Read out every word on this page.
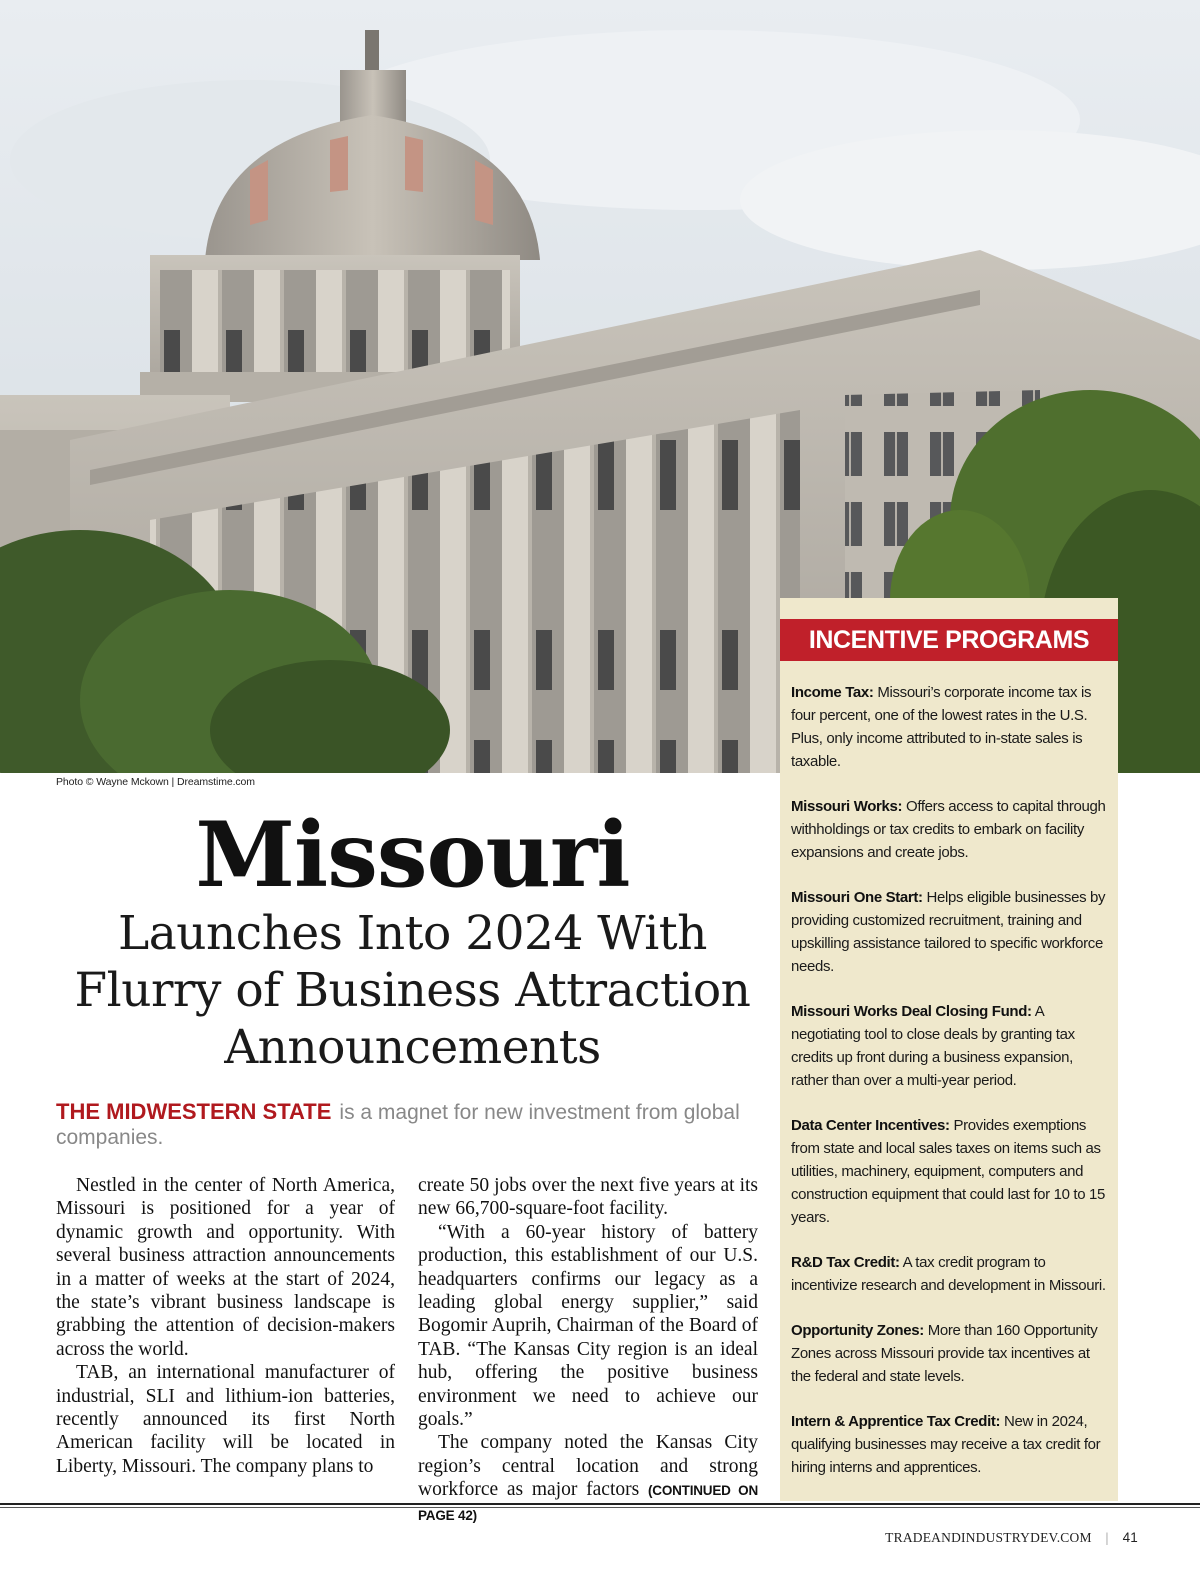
Photo © Wayne Mckown | Dreamstime.com
Missouri
Launches Into 2024 With
Flurry of Business Attraction
Announcements
THE MIDWESTERN STATE is a magnet for new investment from global companies.

Nestled in the center of North America, Missouri is positioned for a year of dynamic growth and opportunity. With several business attraction announcements in a matter of weeks at the start of 2024, the state’s vibrant business landscape is grabbing the attention of decision-makers across the world.

TAB, an international manufacturer of industrial, SLI and lithium-ion batteries, recently announced its first North American facility will be located in Liberty, Missouri. The company plans to

create 50 jobs over the next five years at its new 66,700-square-foot facility.

“With a 60-year history of battery production, this establishment of our U.S. headquarters confirms our legacy as a leading global energy supplier,” said Bogomir Auprih, Chairman of the Board of TAB. “The Kansas City region is an ideal hub, offering the positive business environment we need to achieve our goals.”

The company noted the Kansas City region’s central location and strong workforce as major factors (CONTINUED ON PAGE 42)

INCENTIVE PROGRAMS

Income Tax: Missouri’s corporate income tax is four percent, one of the lowest rates in the U.S. Plus, only income attributed to in-state sales is taxable.

Missouri Works: Offers access to capital through withholdings or tax credits to embark on facility expansions and create jobs.

Missouri One Start: Helps eligible businesses by providing customized recruitment, training and upskilling assistance tailored to specific workforce needs.

Missouri Works Deal Closing Fund: A negotiating tool to close deals by granting tax credits up front during a business expansion, rather than over a multi-year period.

Data Center Incentives: Provides exemptions from state and local sales taxes on items such as utilities, machinery, equipment, computers and construction equipment that could last for 10 to 15 years.

R&D Tax Credit: A tax credit program to incentivize research and development in Missouri.

Opportunity Zones: More than 160 Opportunity Zones across Missouri provide tax incentives at the federal and state levels.

Intern & Apprentice Tax Credit: New in 2024, qualifying businesses may receive a tax credit for hiring interns and apprentices.

TRADEANDINDUSTRYDEV.COM | 41
